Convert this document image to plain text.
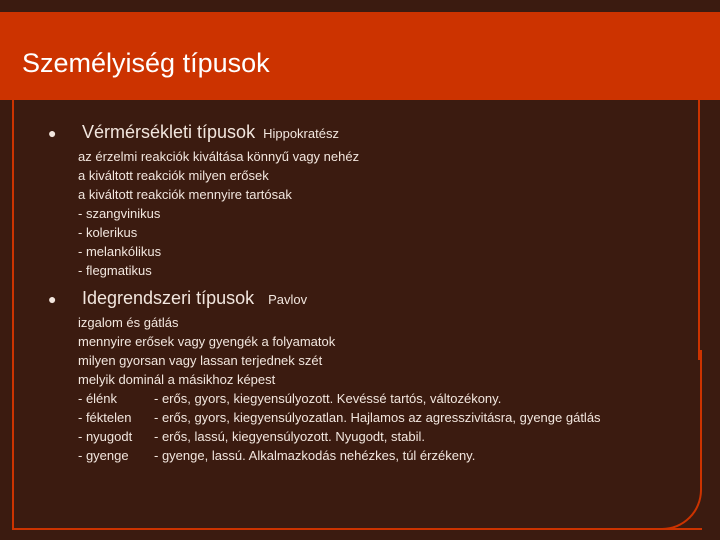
Személyiség típusok
●	Vérmérsékleti típusok Hippokratész
az érzelmi reakciók kiváltása könnyű vagy nehéz
a kiváltott reakciók milyen erősek
a kiváltott reakciók mennyire tartósak
- szangvinikus
- kolerikus
- melankólikus
- flegmatikus
●	Idegrendszeri típusok Pavlov
izgalom és gátlás
mennyire erősek vagy gyengék a folyamatok
milyen gyorsan vagy lassan terjednek szét
melyik dominál a másikhoz képest
- élénk	- erős, gyors, kiegyensúlyozott. Kevéssé tartós, változékony.
- féktelen	- erős, gyors, kiegyensúlyozatlan. Hajlamos az agresszivitásra, gyenge gátlás
- nyugodt	- erős, lassú, kiegyensúlyozott. Nyugodt, stabil.
- gyenge	- gyenge, lassú. Alkalmazkodás nehézkes, túl érzékeny.
